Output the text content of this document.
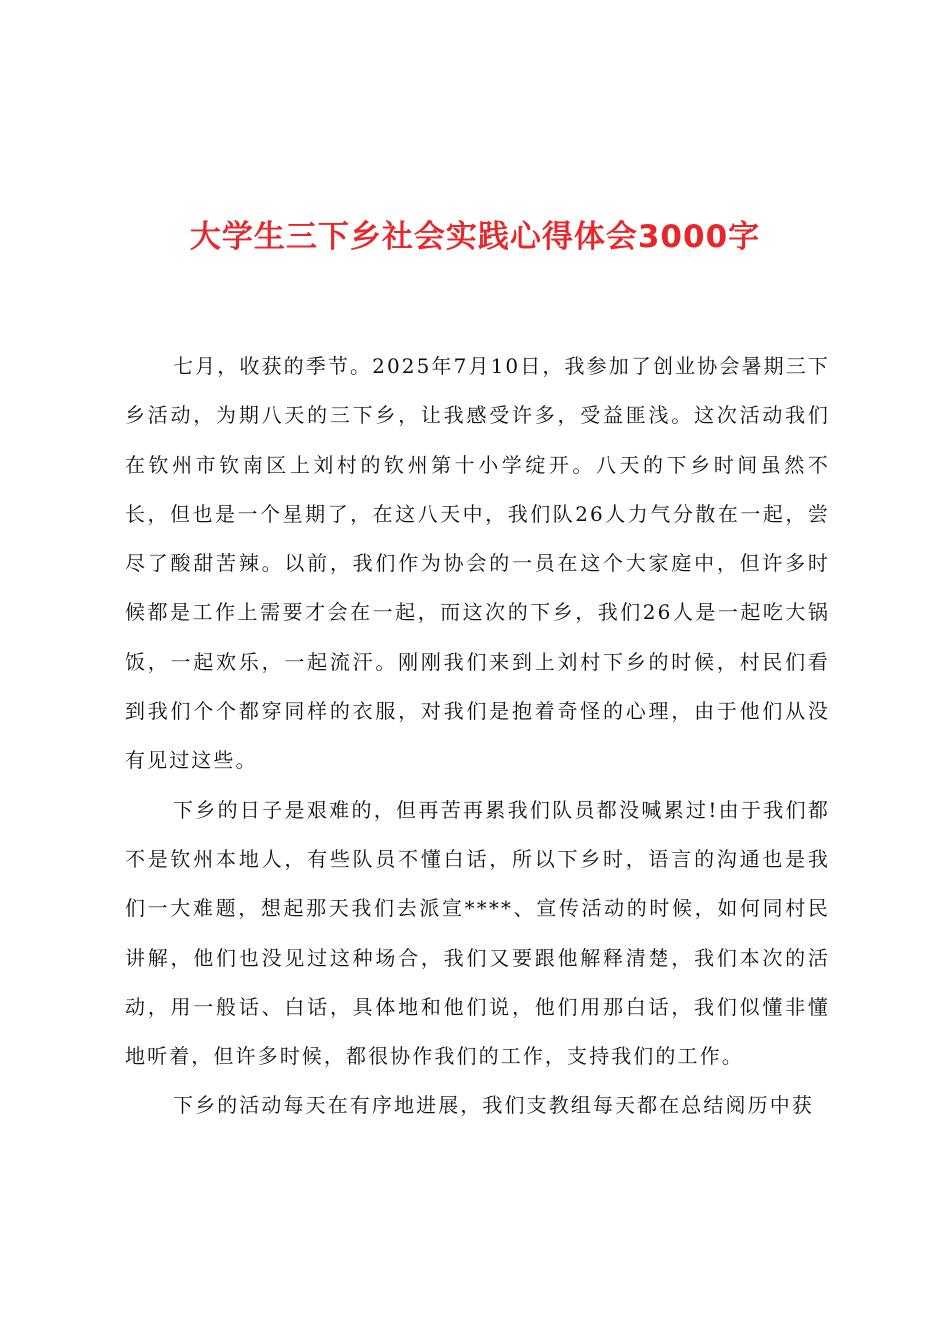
大学生三下乡社会实践心得体会3000字

七月，收获的季节。2025年7月10日，我参加了创业协会暑期三下乡活动，为期八天的三下乡，让我感受许多，受益匪浅。这次活动我们在钦州市钦南区上刘村的钦州第十小学绽开。八天的下乡时间虽然不长，但也是一个星期了，在这八天中，我们队26人力气分散在一起，尝尽了酸甜苦辣。以前，我们作为协会的一员在这个大家庭中，但许多时候都是工作上需要才会在一起，而这次的下乡，我们26人是一起吃大锅饭，一起欢乐，一起流汗。刚刚我们来到上刘村下乡的时候，村民们看到我们个个都穿同样的衣服，对我们是抱着奇怪的心理，由于他们从没有见过这些。

下乡的日子是艰难的，但再苦再累我们队员都没喊累过!由于我们都不是钦州本地人，有些队员不懂白话，所以下乡时，语言的沟通也是我们一大难题，想起那天我们去派宣****、宣传活动的时候，如何同村民讲解，他们也没见过这种场合，我们又要跟他解释清楚，我们本次的活动，用一般话、白话，具体地和他们说，他们用那白话，我们似懂非懂地听着，但许多时候，都很协作我们的工作，支持我们的工作。

下乡的活动每天在有序地进展，我们支教组每天都在总结阅历中获
